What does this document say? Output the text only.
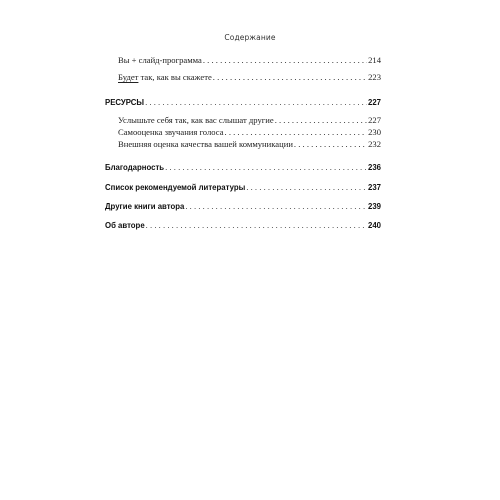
Содержание
Вы + слайд-программа . . .	214
Будет так, как вы скажете . . .	223
РЕСУРСЫ . . .	227
Услышьте себя так, как вас слышат другие . . .	227
Самооценка звучания голоса . . .	230
Внешняя оценка качества вашей коммуникации . . .	232
Благодарность . . .	236
Список рекомендуемой литературы . . .	237
Другие книги автора . . .	239
Об авторе . . .	240
